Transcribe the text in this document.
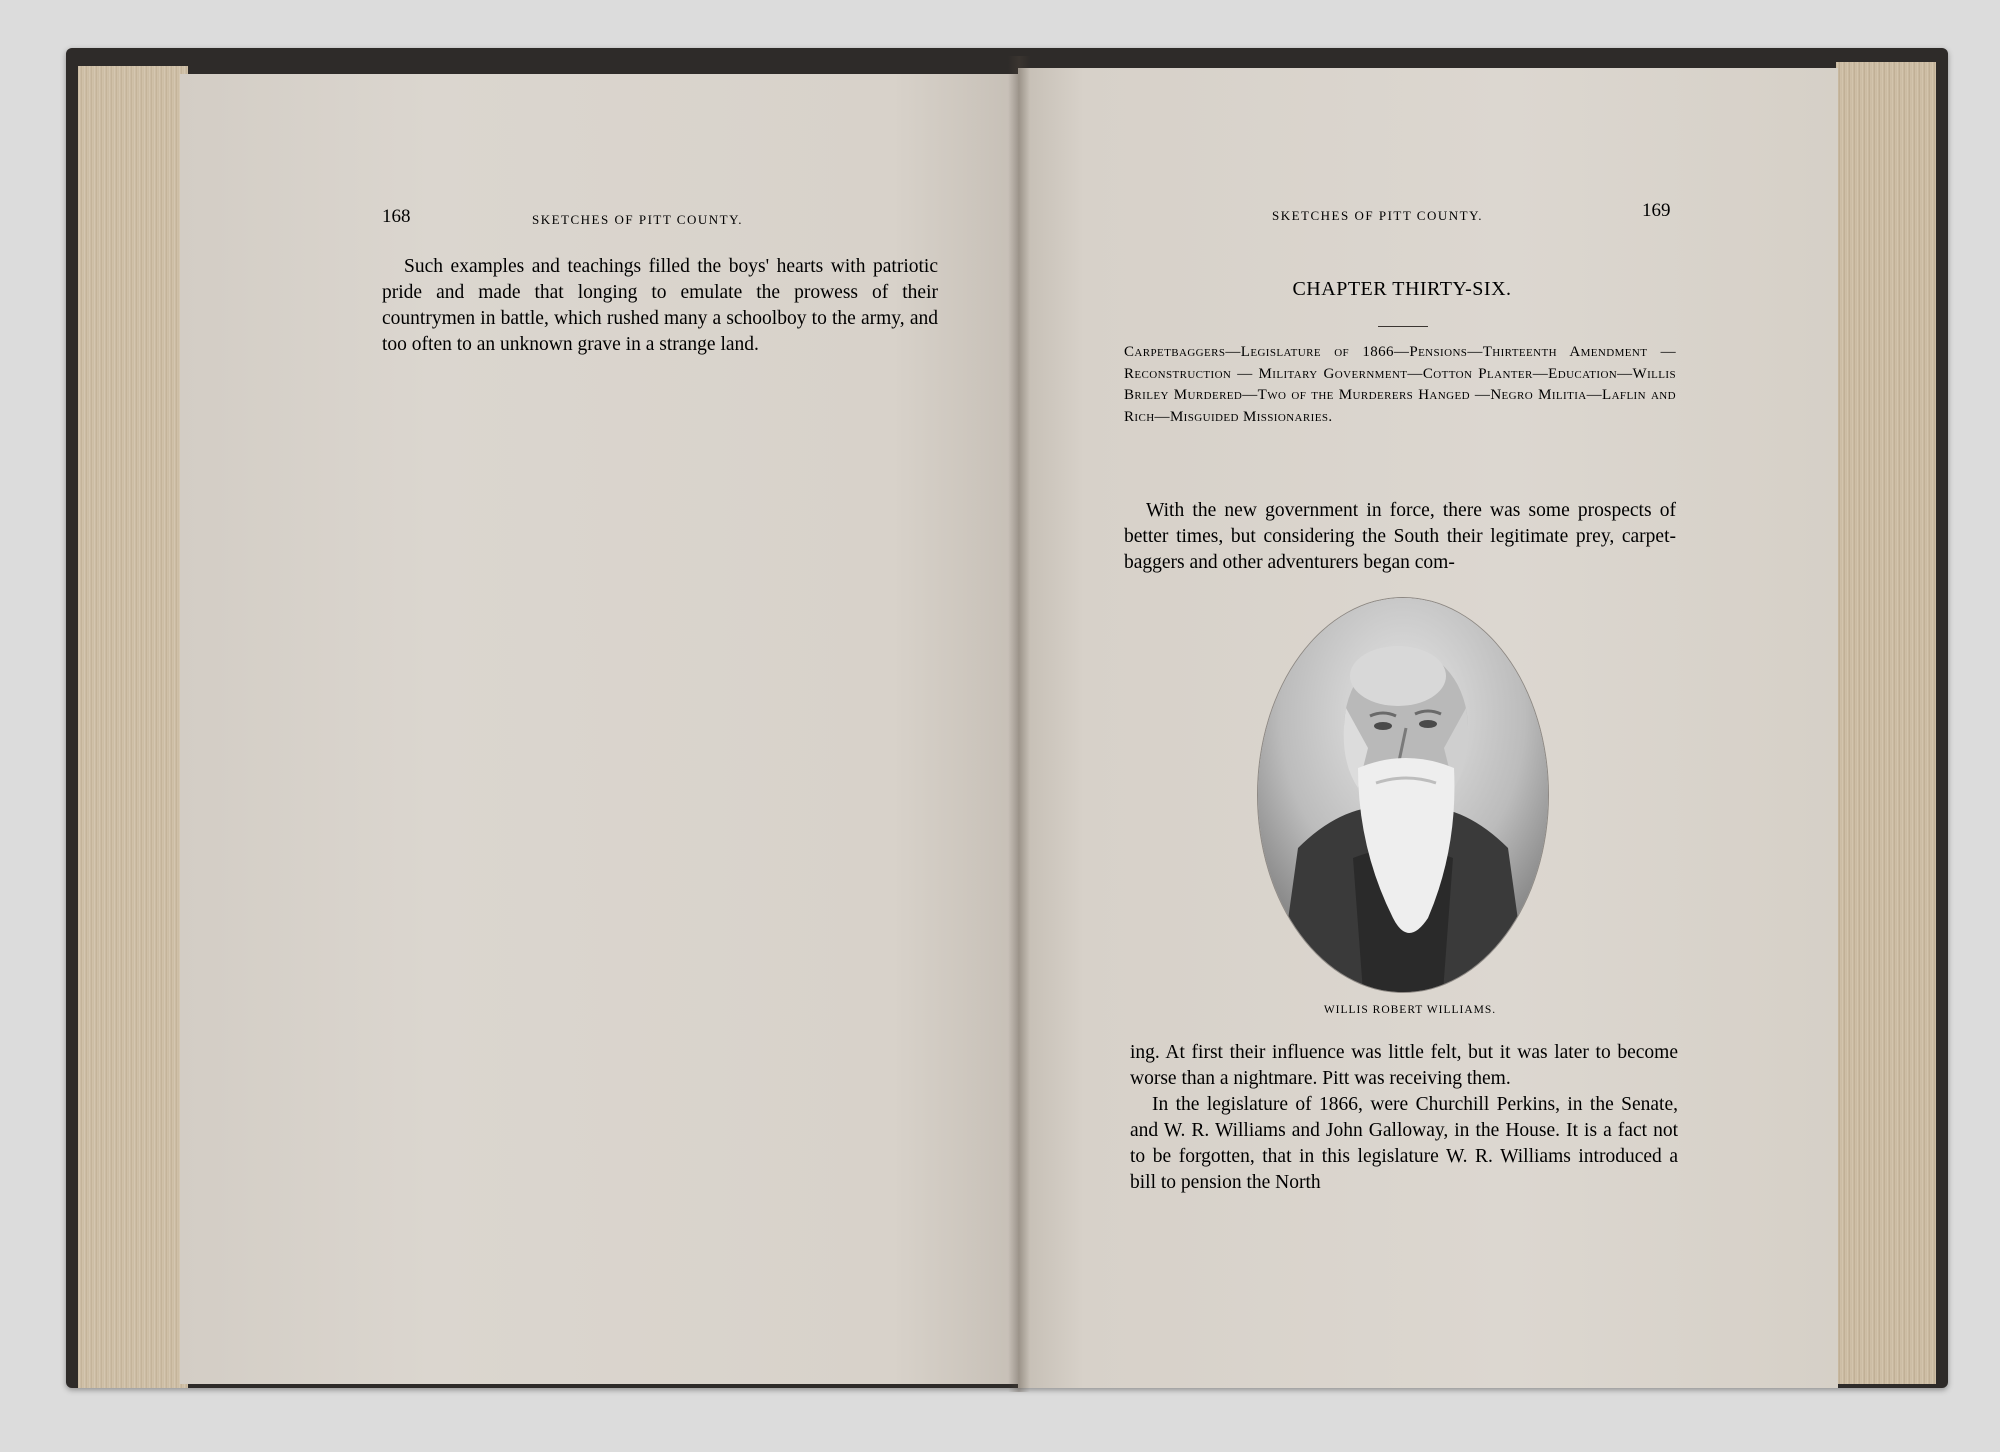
168	SKETCHES OF PITT COUNTY.

Such examples and teachings filled the boys' hearts with patriotic pride and made that longing to emulate the prowess of their countrymen in battle, which rushed many a schoolboy to the army, and too often to an unknown grave in a strange land.

SKETCHES OF PITT COUNTY.	169
CHAPTER THIRTY-SIX.
Carpetbaggers—Legislature of 1866—Pensions—Thirteenth Amendment — Reconstruction — Military Government—Cotton Planter—Education—Willis Briley Murdered—Two of the Murderers Hanged —Negro Militia—Laflin and Rich—Misguided Missionaries.

With the new government in force, there was some prospects of better times, but considering the South their legitimate prey, carpet-baggers and other adventurers began com-

WILLIS ROBERT WILLIAMS.

ing. At first their influence was little felt, but it was later to become worse than a nightmare. Pitt was receiving them.

In the legislature of 1866, were Churchill Perkins, in the Senate, and W. R. Williams and John Galloway, in the House. It is a fact not to be forgotten, that in this legislature W. R. Williams introduced a bill to pension the North
